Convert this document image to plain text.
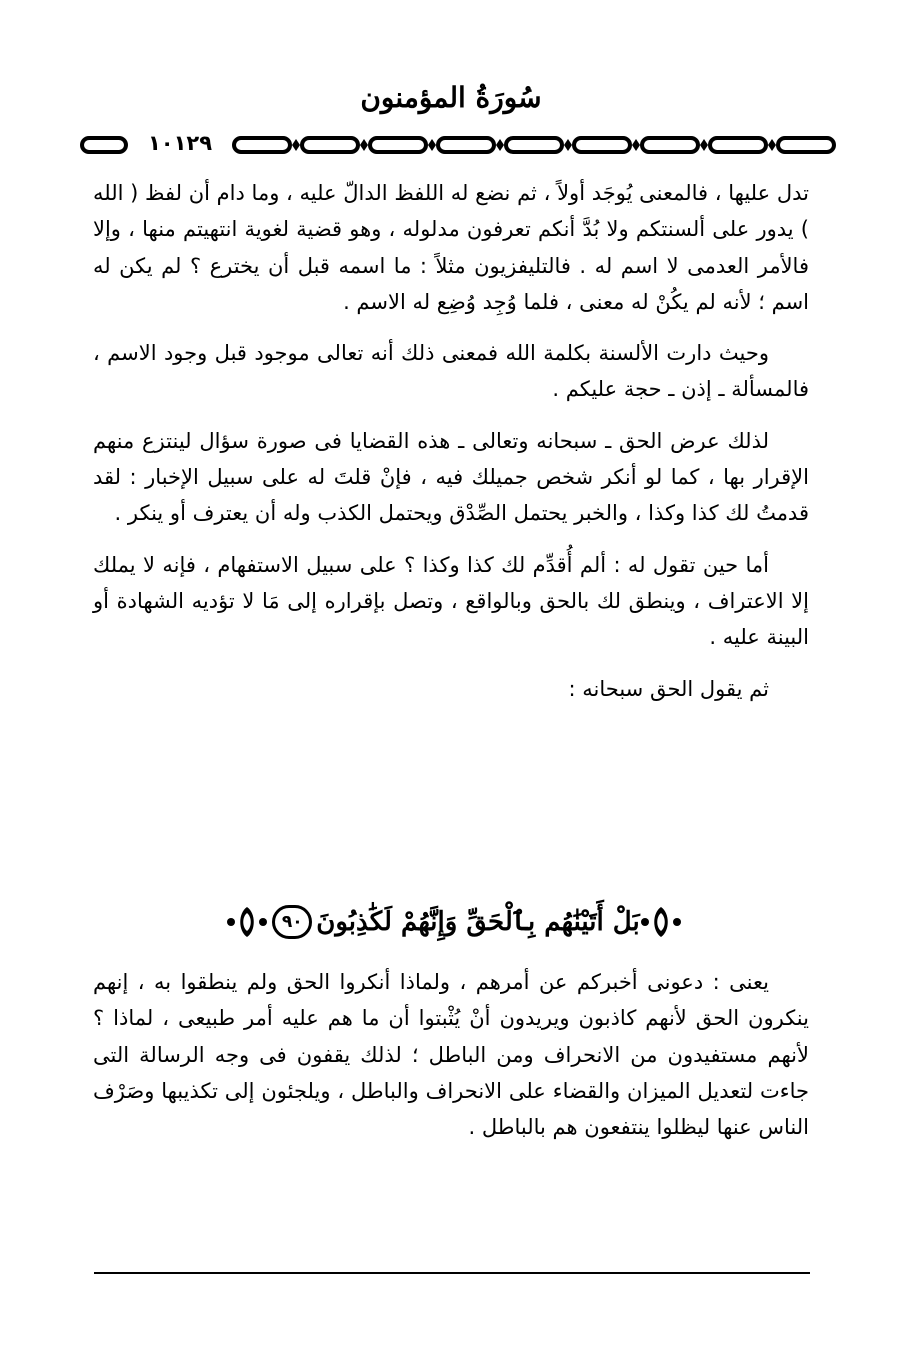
سُورَةُ المؤمنون
١٠١٢٩

تدل عليها ، فالمعنى يُوجَد أولاً ، ثم نضع له اللفظ الدالّ عليه ، وما دام أن لفظ ( الله ) يدور على ألسنتكم ولا بُدَّ أنكم تعرفون مدلوله ، وهو قضية لغوية انتهيتم منها ، وإلا فالأمر العدمى لا اسم له . فالتليفزيون مثلاً : ما اسمه قبل أن يخترع ؟ لم يكن له اسم ؛ لأنه لم يكُنْ له معنى ، فلما وُجِد وُضِع له الاسم .

وحيث دارت الألسنة بكلمة الله فمعنى ذلك أنه تعالى موجود قبل وجود الاسم ، فالمسألة ـ إذن ـ حجة عليكم .

لذلك عرض الحق ـ سبحانه وتعالى ـ هذه القضايا فى صورة سؤال لينتزع منهم الإقرار بها ، كما لو أنكر شخص جميلك فيه ، فإنْ قلتَ له على سبيل الإخبار : لقد قدمتُ لك كذا وكذا ، والخبر يحتمل الصِّدْق ويحتمل الكذب وله أن يعترف أو ينكر .

أما حين تقول له : ألم أُقدِّم لك كذا وكذا ؟ على سبيل الاستفهام ، فإنه لا يملك إلا الاعتراف ، وينطق لك بالحق وبالواقع ، وتصل بإقراره إلى مَا لا تؤديه الشهادة أو البينة عليه .

ثم يقول الحق سبحانه :

بَلْ أَتَيْنَٰهُم بِٱلْحَقِّ وَإِنَّهُمْ لَكَٰذِبُونَ
٩٠

يعنى : دعونى أخبركم عن أمرهم ، ولماذا أنكروا الحق ولم ينطقوا به ، إنهم ينكرون الحق لأنهم كاذبون ويريدون أنْ يُثْبتوا أن ما هم عليه أمر طبيعى ، لماذا ؟ لأنهم مستفيدون من الانحراف ومن الباطل ؛ لذلك يقفون فى وجه الرسالة التى جاءت لتعديل الميزان والقضاء على الانحراف والباطل ، ويلجئون إلى تكذيبها وصَرْف الناس عنها ليظلوا ينتفعون هم بالباطل .
